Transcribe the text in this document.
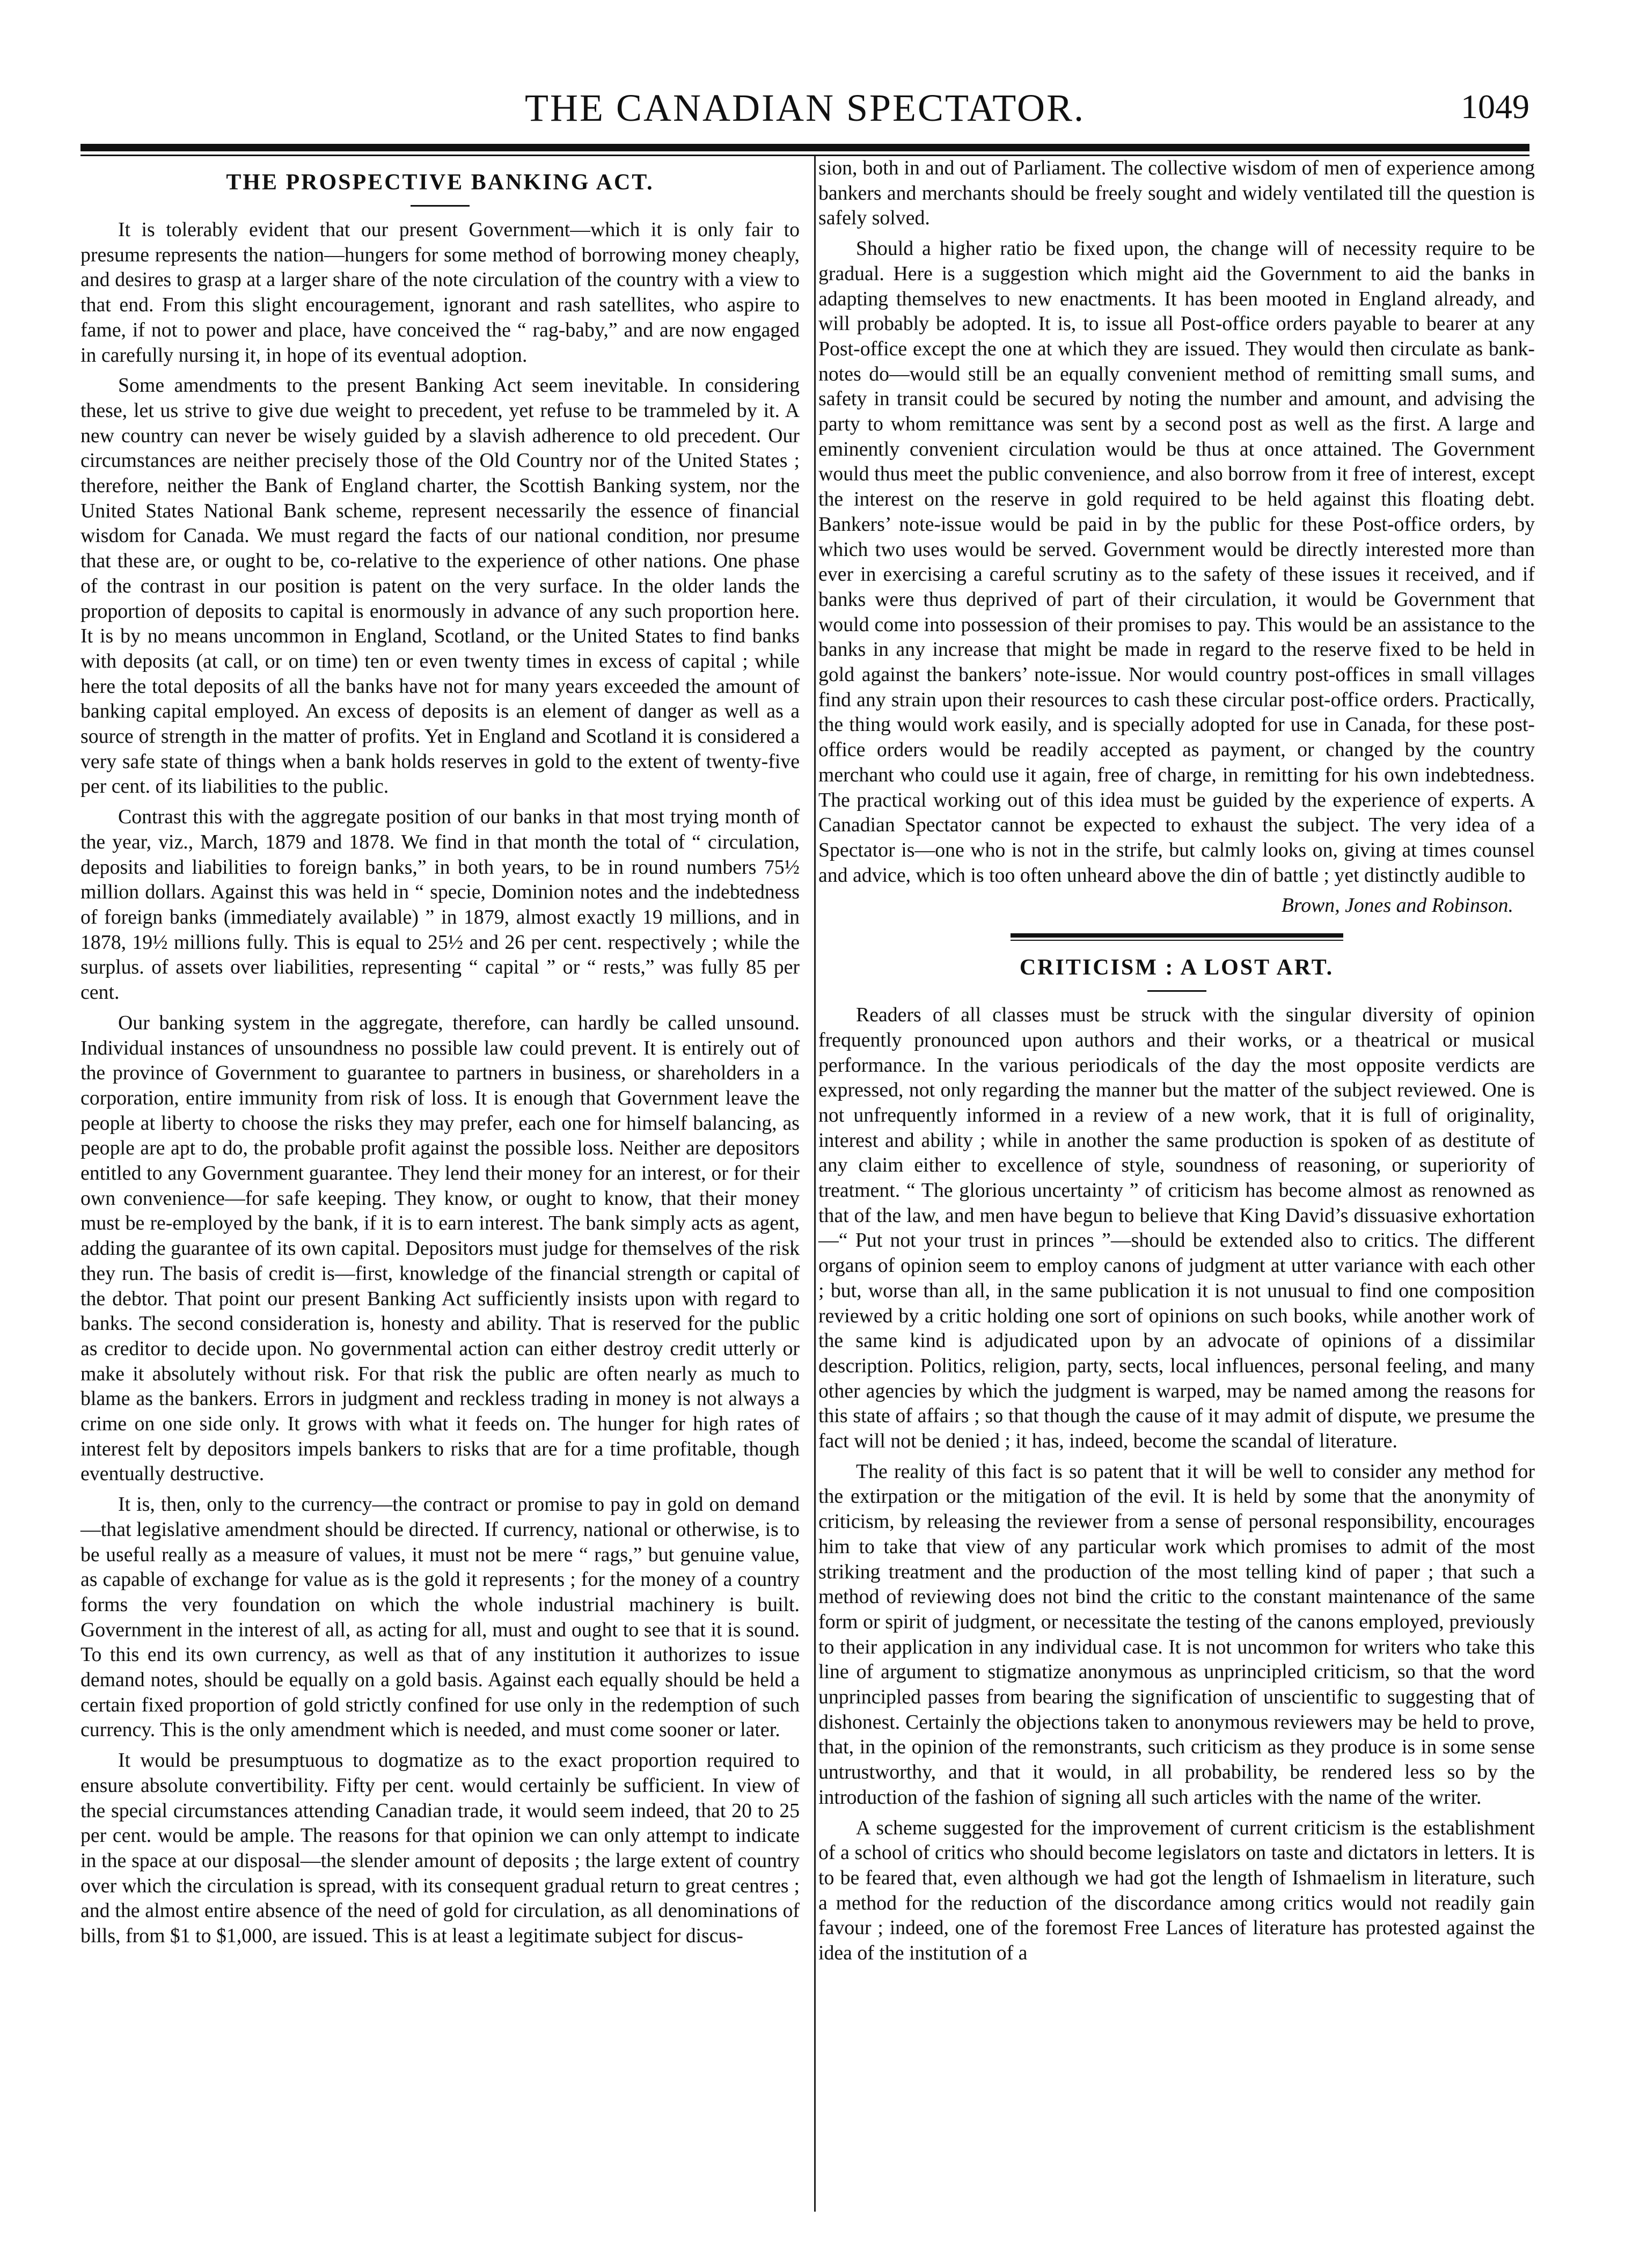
THE CANADIAN SPECTATOR.	1049
THE PROSPECTIVE BANKING ACT.

It is tolerably evident that our present Government—which it is only fair to presume represents the nation—hungers for some method of borrowing money cheaply, and desires to grasp at a larger share of the note circulation of the country with a view to that end. From this slight encouragement, ignorant and rash satellites, who aspire to fame, if not to power and place, have conceived the “ rag-baby,” and are now engaged in carefully nursing it, in hope of its eventual adoption.

Some amendments to the present Banking Act seem inevitable. In considering these, let us strive to give due weight to precedent, yet refuse to be trammeled by it. A new country can never be wisely guided by a slavish adherence to old precedent. Our circumstances are neither precisely those of the Old Country nor of the United States ; therefore, neither the Bank of England charter, the Scottish Banking system, nor the United States National Bank scheme, represent necessarily the essence of financial wisdom for Canada. We must regard the facts of our national condition, nor presume that these are, or ought to be, co-relative to the experience of other nations. One phase of the contrast in our position is patent on the very surface. In the older lands the proportion of deposits to capital is enormously in advance of any such proportion here. It is by no means uncommon in England, Scotland, or the United States to find banks with deposits (at call, or on time) ten or even twenty times in excess of capital ; while here the total deposits of all the banks have not for many years exceeded the amount of banking capital employed. An excess of deposits is an element of danger as well as a source of strength in the matter of profits. Yet in England and Scotland it is considered a very safe state of things when a bank holds reserves in gold to the extent of twenty-five per cent. of its liabilities to the public.

Contrast this with the aggregate position of our banks in that most trying month of the year, viz., March, 1879 and 1878. We find in that month the total of “ circulation, deposits and liabilities to foreign banks,” in both years, to be in round numbers 75½ million dollars. Against this was held in “ specie, Dominion notes and the indebtedness of foreign banks (immediately available) ” in 1879, almost exactly 19 millions, and in 1878, 19½ millions fully. This is equal to 25½ and 26 per cent. respectively ; while the surplus. of assets over liabilities, representing “ capital ” or “ rests,” was fully 85 per cent.

Our banking system in the aggregate, therefore, can hardly be called unsound. Individual instances of unsoundness no possible law could prevent. It is entirely out of the province of Government to guarantee to partners in business, or shareholders in a corporation, entire immunity from risk of loss. It is enough that Government leave the people at liberty to choose the risks they may prefer, each one for himself balancing, as people are apt to do, the probable profit against the possible loss. Neither are depositors entitled to any Government guarantee. They lend their money for an interest, or for their own convenience—for safe keeping. They know, or ought to know, that their money must be re-employed by the bank, if it is to earn interest. The bank simply acts as agent, adding the guarantee of its own capital. Depositors must judge for themselves of the risk they run. The basis of credit is—first, knowledge of the financial strength or capital of the debtor. That point our present Banking Act sufficiently insists upon with regard to banks. The second consideration is, honesty and ability. That is reserved for the public as creditor to decide upon. No governmental action can either destroy credit utterly or make it absolutely without risk. For that risk the public are often nearly as much to blame as the bankers. Errors in judgment and reckless trading in money is not always a crime on one side only. It grows with what it feeds on. The hunger for high rates of interest felt by depositors impels bankers to risks that are for a time profitable, though eventually destructive.

It is, then, only to the currency—the contract or promise to pay in gold on demand—that legislative amendment should be directed. If currency, national or otherwise, is to be useful really as a measure of values, it must not be mere “ rags,” but genuine value, as capable of exchange for value as is the gold it represents ; for the money of a country forms the very foundation on which the whole industrial machinery is built. Government in the interest of all, as acting for all, must and ought to see that it is sound. To this end its own currency, as well as that of any institution it authorizes to issue demand notes, should be equally on a gold basis. Against each equally should be held a certain fixed proportion of gold strictly confined for use only in the redemption of such currency. This is the only amendment which is needed, and must come sooner or later.

It would be presumptuous to dogmatize as to the exact proportion required to ensure absolute convertibility. Fifty per cent. would certainly be sufficient. In view of the special circumstances attending Canadian trade, it would seem indeed, that 20 to 25 per cent. would be ample. The reasons for that opinion we can only attempt to indicate in the space at our disposal—the slender amount of deposits ; the large extent of country over which the circulation is spread, with its consequent gradual return to great centres ; and the almost entire absence of the need of gold for circulation, as all denominations of bills, from $1 to $1,000, are issued. This is at least a legitimate subject for discus-

sion, both in and out of Parliament. The collective wisdom of men of experience among bankers and merchants should be freely sought and widely ventilated till the question is safely solved.

Should a higher ratio be fixed upon, the change will of necessity require to be gradual. Here is a suggestion which might aid the Government to aid the banks in adapting themselves to new enactments. It has been mooted in England already, and will probably be adopted. It is, to issue all Post-office orders payable to bearer at any Post-office except the one at which they are issued. They would then circulate as bank-notes do—would still be an equally convenient method of remitting small sums, and safety in transit could be secured by noting the number and amount, and advising the party to whom remittance was sent by a second post as well as the first. A large and eminently convenient circulation would be thus at once attained. The Government would thus meet the public convenience, and also borrow from it free of interest, except the interest on the reserve in gold required to be held against this floating debt. Bankers’ note-issue would be paid in by the public for these Post-office orders, by which two uses would be served. Government would be directly interested more than ever in exercising a careful scrutiny as to the safety of these issues it received, and if banks were thus deprived of part of their circulation, it would be Government that would come into possession of their promises to pay. This would be an assistance to the banks in any increase that might be made in regard to the reserve fixed to be held in gold against the bankers’ note-issue. Nor would country post-offices in small villages find any strain upon their resources to cash these circular post-office orders. Practically, the thing would work easily, and is specially adopted for use in Canada, for these post-office orders would be readily accepted as payment, or changed by the country merchant who could use it again, free of charge, in remitting for his own indebtedness. The practical working out of this idea must be guided by the experience of experts. A Canadian Spectator cannot be expected to exhaust the subject. The very idea of a Spectator is—one who is not in the strife, but calmly looks on, giving at times counsel and advice, which is too often unheard above the din of battle ; yet distinctly audible to

Brown, Jones and Robinson.

CRITICISM : A LOST ART.

Readers of all classes must be struck with the singular diversity of opinion frequently pronounced upon authors and their works, or a theatrical or musical performance. In the various periodicals of the day the most opposite verdicts are expressed, not only regarding the manner but the matter of the subject reviewed. One is not unfrequently informed in a review of a new work, that it is full of originality, interest and ability ; while in another the same production is spoken of as destitute of any claim either to excellence of style, soundness of reasoning, or superiority of treatment. “ The glorious uncertainty ” of criticism has become almost as renowned as that of the law, and men have begun to believe that King David’s dissuasive exhortation—“ Put not your trust in princes ”—should be extended also to critics. The different organs of opinion seem to employ canons of judgment at utter variance with each other ; but, worse than all, in the same publication it is not unusual to find one composition reviewed by a critic holding one sort of opinions on such books, while another work of the same kind is adjudicated upon by an advocate of opinions of a dissimilar description. Politics, religion, party, sects, local influences, personal feeling, and many other agencies by which the judgment is warped, may be named among the reasons for this state of affairs ; so that though the cause of it may admit of dispute, we presume the fact will not be denied ; it has, indeed, become the scandal of literature.

The reality of this fact is so patent that it will be well to consider any method for the extirpation or the mitigation of the evil. It is held by some that the anonymity of criticism, by releasing the reviewer from a sense of personal responsibility, encourages him to take that view of any particular work which promises to admit of the most striking treatment and the production of the most telling kind of paper ; that such a method of reviewing does not bind the critic to the constant maintenance of the same form or spirit of judgment, or necessitate the testing of the canons employed, previously to their application in any individual case. It is not uncommon for writers who take this line of argument to stigmatize anonymous as unprincipled criticism, so that the word unprincipled passes from bearing the signification of unscientific to suggesting that of dishonest. Certainly the objections taken to anonymous reviewers may be held to prove, that, in the opinion of the remonstrants, such criticism as they produce is in some sense untrustworthy, and that it would, in all probability, be rendered less so by the introduction of the fashion of signing all such articles with the name of the writer.

A scheme suggested for the improvement of current criticism is the establishment of a school of critics who should become legislators on taste and dictators in letters. It is to be feared that, even although we had got the length of Ishmaelism in literature, such a method for the reduction of the discordance among critics would not readily gain favour ; indeed, one of the foremost Free Lances of literature has protested against the idea of the institution of a
